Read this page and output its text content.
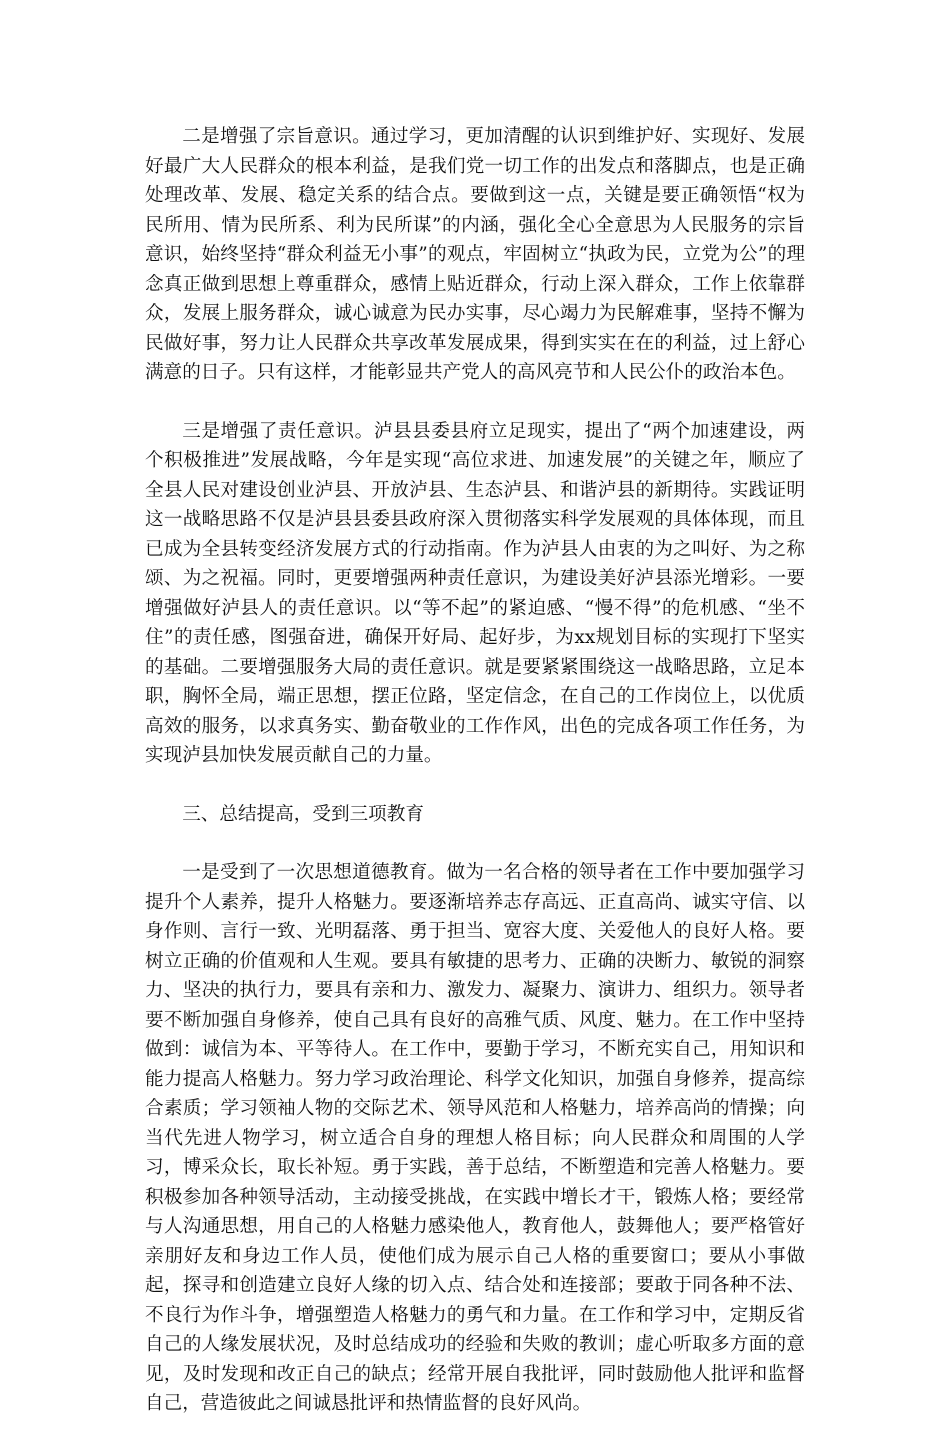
二是增强了宗旨意识。通过学习，更加清醒的认识到维护好、实现好、发展好最广大人民群众的根本利益，是我们党一切工作的出发点和落脚点，也是正确处理改革、发展、稳定关系的结合点。要做到这一点，关键是要正确领悟“权为民所用、情为民所系、利为民所谋”的内涵，强化全心全意思为人民服务的宗旨意识，始终坚持“群众利益无小事”的观点，牢固树立“执政为民，立党为公”的理念真正做到思想上尊重群众，感情上贴近群众，行动上深入群众，工作上依靠群众，发展上服务群众，诚心诚意为民办实事，尽心竭力为民解难事，坚持不懈为民做好事，努力让人民群众共享改革发展成果，得到实实在在的利益，过上舒心满意的日子。只有这样，才能彰显共产党人的高风亮节和人民公仆的政治本色。

三是增强了责任意识。泸县县委县府立足现实，提出了“两个加速建设，两个积极推进”发展战略，今年是实现“高位求进、加速发展”的关键之年，顺应了全县人民对建设创业泸县、开放泸县、生态泸县、和谐泸县的新期待。实践证明这一战略思路不仅是泸县县委县政府深入贯彻落实科学发展观的具体体现，而且已成为全县转变经济发展方式的行动指南。作为泸县人由衷的为之叫好、为之称颂、为之祝福。同时，更要增强两种责任意识，为建设美好泸县添光增彩。一要增强做好泸县人的责任意识。以“等不起”的紧迫感、“慢不得”的危机感、“坐不住”的责任感，图强奋进，确保开好局、起好步，为xx规划目标的实现打下坚实的基础。二要增强服务大局的责任意识。就是要紧紧围绕这一战略思路，立足本职，胸怀全局，端正思想，摆正位路，坚定信念，在自己的工作岗位上，以优质高效的服务，以求真务实、勤奋敬业的工作作风，出色的完成各项工作任务，为实现泸县加快发展贡献自己的力量。

三、总结提高，受到三项教育

一是受到了一次思想道德教育。做为一名合格的领导者在工作中要加强学习提升个人素养，提升人格魅力。要逐渐培养志存高远、正直高尚、诚实守信、以身作则、言行一致、光明磊落、勇于担当、宽容大度、关爱他人的良好人格。要树立正确的价值观和人生观。要具有敏捷的思考力、正确的决断力、敏锐的洞察力、坚决的执行力，要具有亲和力、激发力、凝聚力、演讲力、组织力。领导者要不断加强自身修养，使自己具有良好的高雅气质、风度、魅力。在工作中坚持做到：诚信为本、平等待人。在工作中，要勤于学习，不断充实自己，用知识和能力提高人格魅力。努力学习政治理论、科学文化知识，加强自身修养，提高综合素质；学习领袖人物的交际艺术、领导风范和人格魅力，培养高尚的情操；向当代先进人物学习，树立适合自身的理想人格目标；向人民群众和周围的人学习，博采众长，取长补短。勇于实践，善于总结，不断塑造和完善人格魅力。要积极参加各种领导活动，主动接受挑战，在实践中增长才干，锻炼人格；要经常与人沟通思想，用自己的人格魅力感染他人，教育他人，鼓舞他人；要严格管好亲朋好友和身边工作人员，使他们成为展示自己人格的重要窗口；要从小事做起，探寻和创造建立良好人缘的切入点、结合处和连接部；要敢于同各种不法、不良行为作斗争，增强塑造人格魅力的勇气和力量。在工作和学习中，定期反省自己的人缘发展状况，及时总结成功的经验和失败的教训；虚心听取多方面的意见，及时发现和改正自己的缺点；经常开展自我批评，同时鼓励他人批评和监督自己，营造彼此之间诚恳批评和热情监督的良好风尚。
